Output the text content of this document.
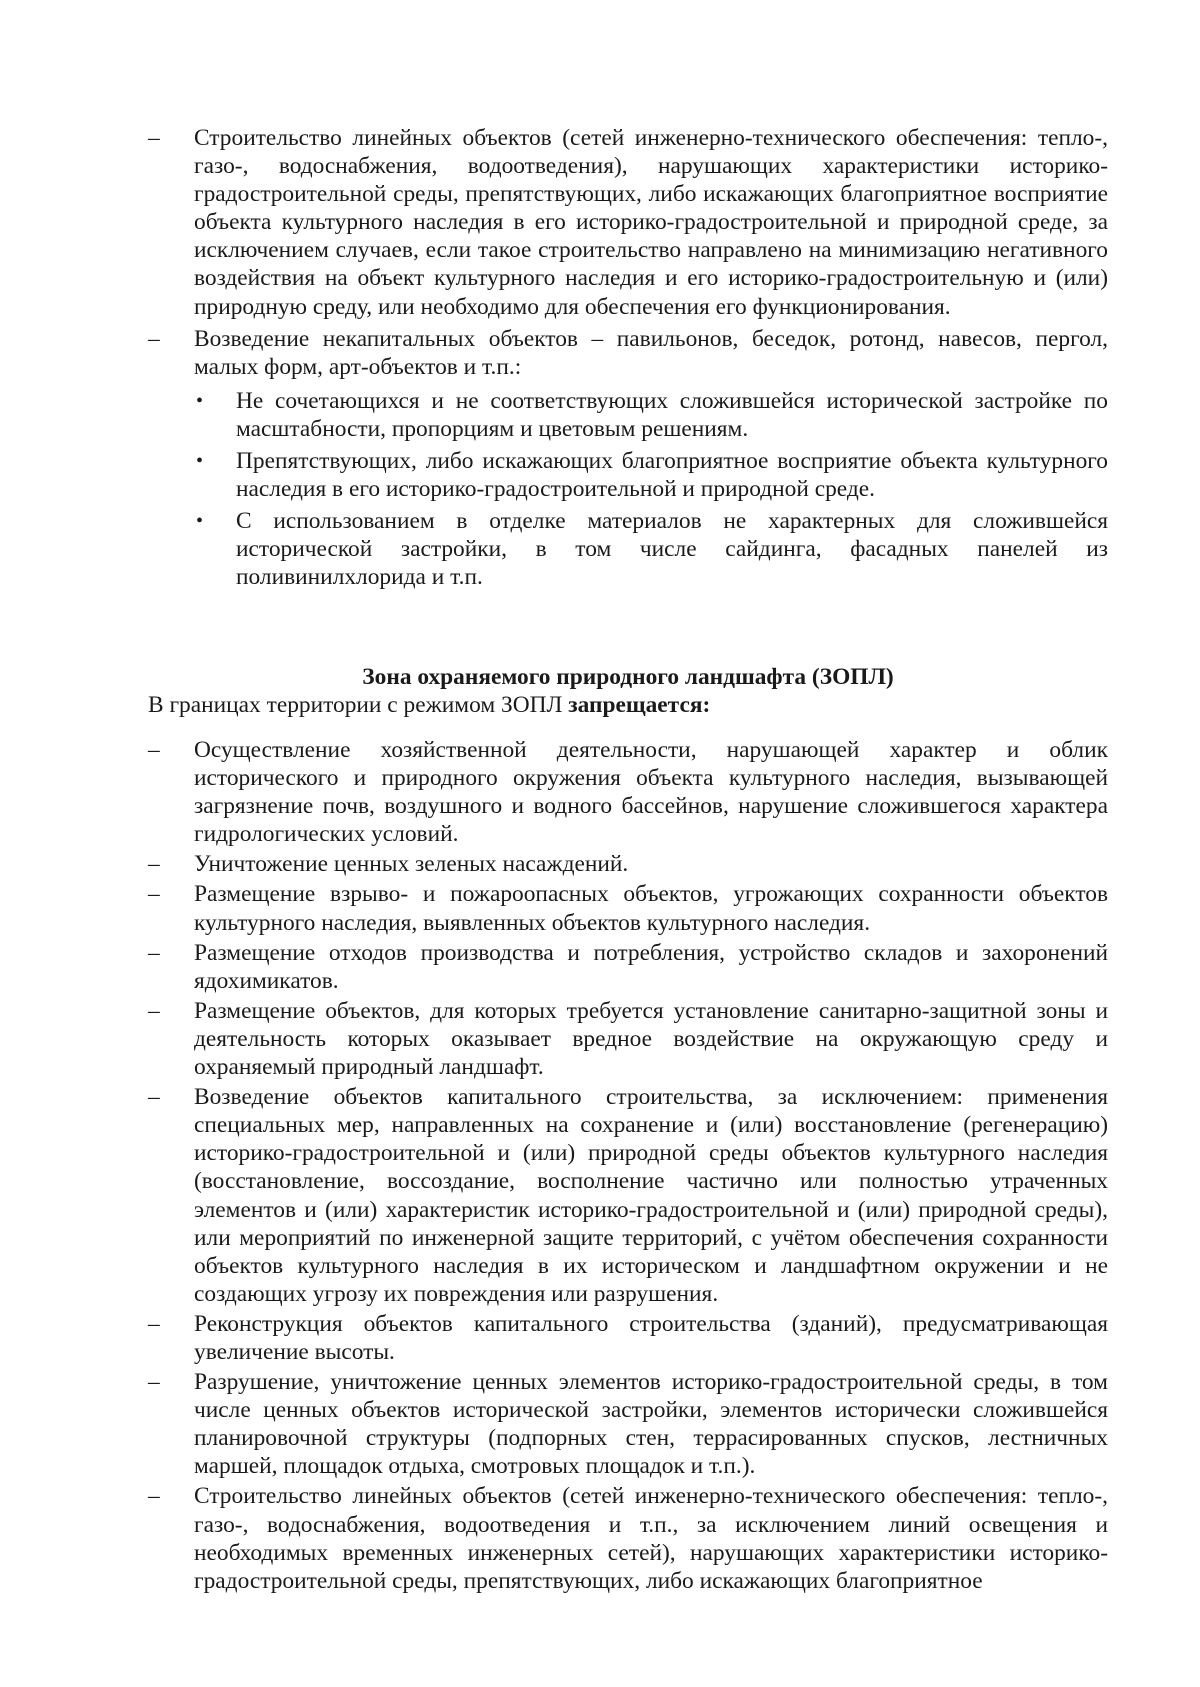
–	Строительство линейных объектов (сетей инженерно-технического обеспечения: тепло-, газо-, водоснабжения, водоотведения), нарушающих характеристики историко-градостроительной среды, препятствующих, либо искажающих благоприятное восприятие объекта культурного наследия в его историко-градостроительной и природной среде, за исключением случаев, если такое строительство направлено на минимизацию негативного воздействия на объект культурного наследия и его историко-градостроительную и (или) природную среду, или необходимо для обеспечения его функционирования.
–	Возведение некапитальных объектов – павильонов, беседок, ротонд, навесов, пергол, малых форм, арт-объектов и т.п.:
• Не сочетающихся и не соответствующих сложившейся исторической застройке по масштабности, пропорциям и цветовым решениям.
• Препятствующих, либо искажающих благоприятное восприятие объекта культурного наследия в его историко-градостроительной и природной среде.
• С использованием в отделке материалов не характерных для сложившейся исторической застройки, в том числе сайдинга, фасадных панелей из поливинилхлорида и т.п.

Зона охраняемого природного ландшафта (ЗОПЛ)

В границах территории с режимом ЗОПЛ запрещается:

–	Осуществление хозяйственной деятельности, нарушающей характер и облик исторического и природного окружения объекта культурного наследия, вызывающей загрязнение почв, воздушного и водного бассейнов, нарушение сложившегося характера гидрологических условий.
–	Уничтожение ценных зеленых насаждений.
–	Размещение взрыво- и пожароопасных объектов, угрожающих сохранности объектов культурного наследия, выявленных объектов культурного наследия.
–	Размещение отходов производства и потребления, устройство складов и захоронений ядохимикатов.
–	Размещение объектов, для которых требуется установление санитарно-защитной зоны и деятельность которых оказывает вредное воздействие на окружающую среду и охраняемый природный ландшафт.
–	Возведение объектов капитального строительства, за исключением: применения специальных мер, направленных на сохранение и (или) восстановление (регенерацию) историко-градостроительной и (или) природной среды объектов культурного наследия (восстановление, воссоздание, восполнение частично или полностью утраченных элементов и (или) характеристик историко-градостроительной и (или) природной среды), или мероприятий по инженерной защите территорий, с учётом обеспечения сохранности объектов культурного наследия в их историческом и ландшафтном окружении и не создающих угрозу их повреждения или разрушения.
–	Реконструкция объектов капитального строительства (зданий), предусматривающая увеличение высоты.
–	Разрушение, уничтожение ценных элементов историко-градостроительной среды, в том числе ценных объектов исторической застройки, элементов исторически сложившейся планировочной структуры (подпорных стен, террасированных спусков, лестничных маршей, площадок отдыха, смотровых площадок и т.п.).
–	Строительство линейных объектов (сетей инженерно-технического обеспечения: тепло-, газо-, водоснабжения, водоотведения и т.п., за исключением линий освещения и необходимых временных инженерных сетей), нарушающих характеристики историко-градостроительной среды, препятствующих, либо искажающих благоприятное
